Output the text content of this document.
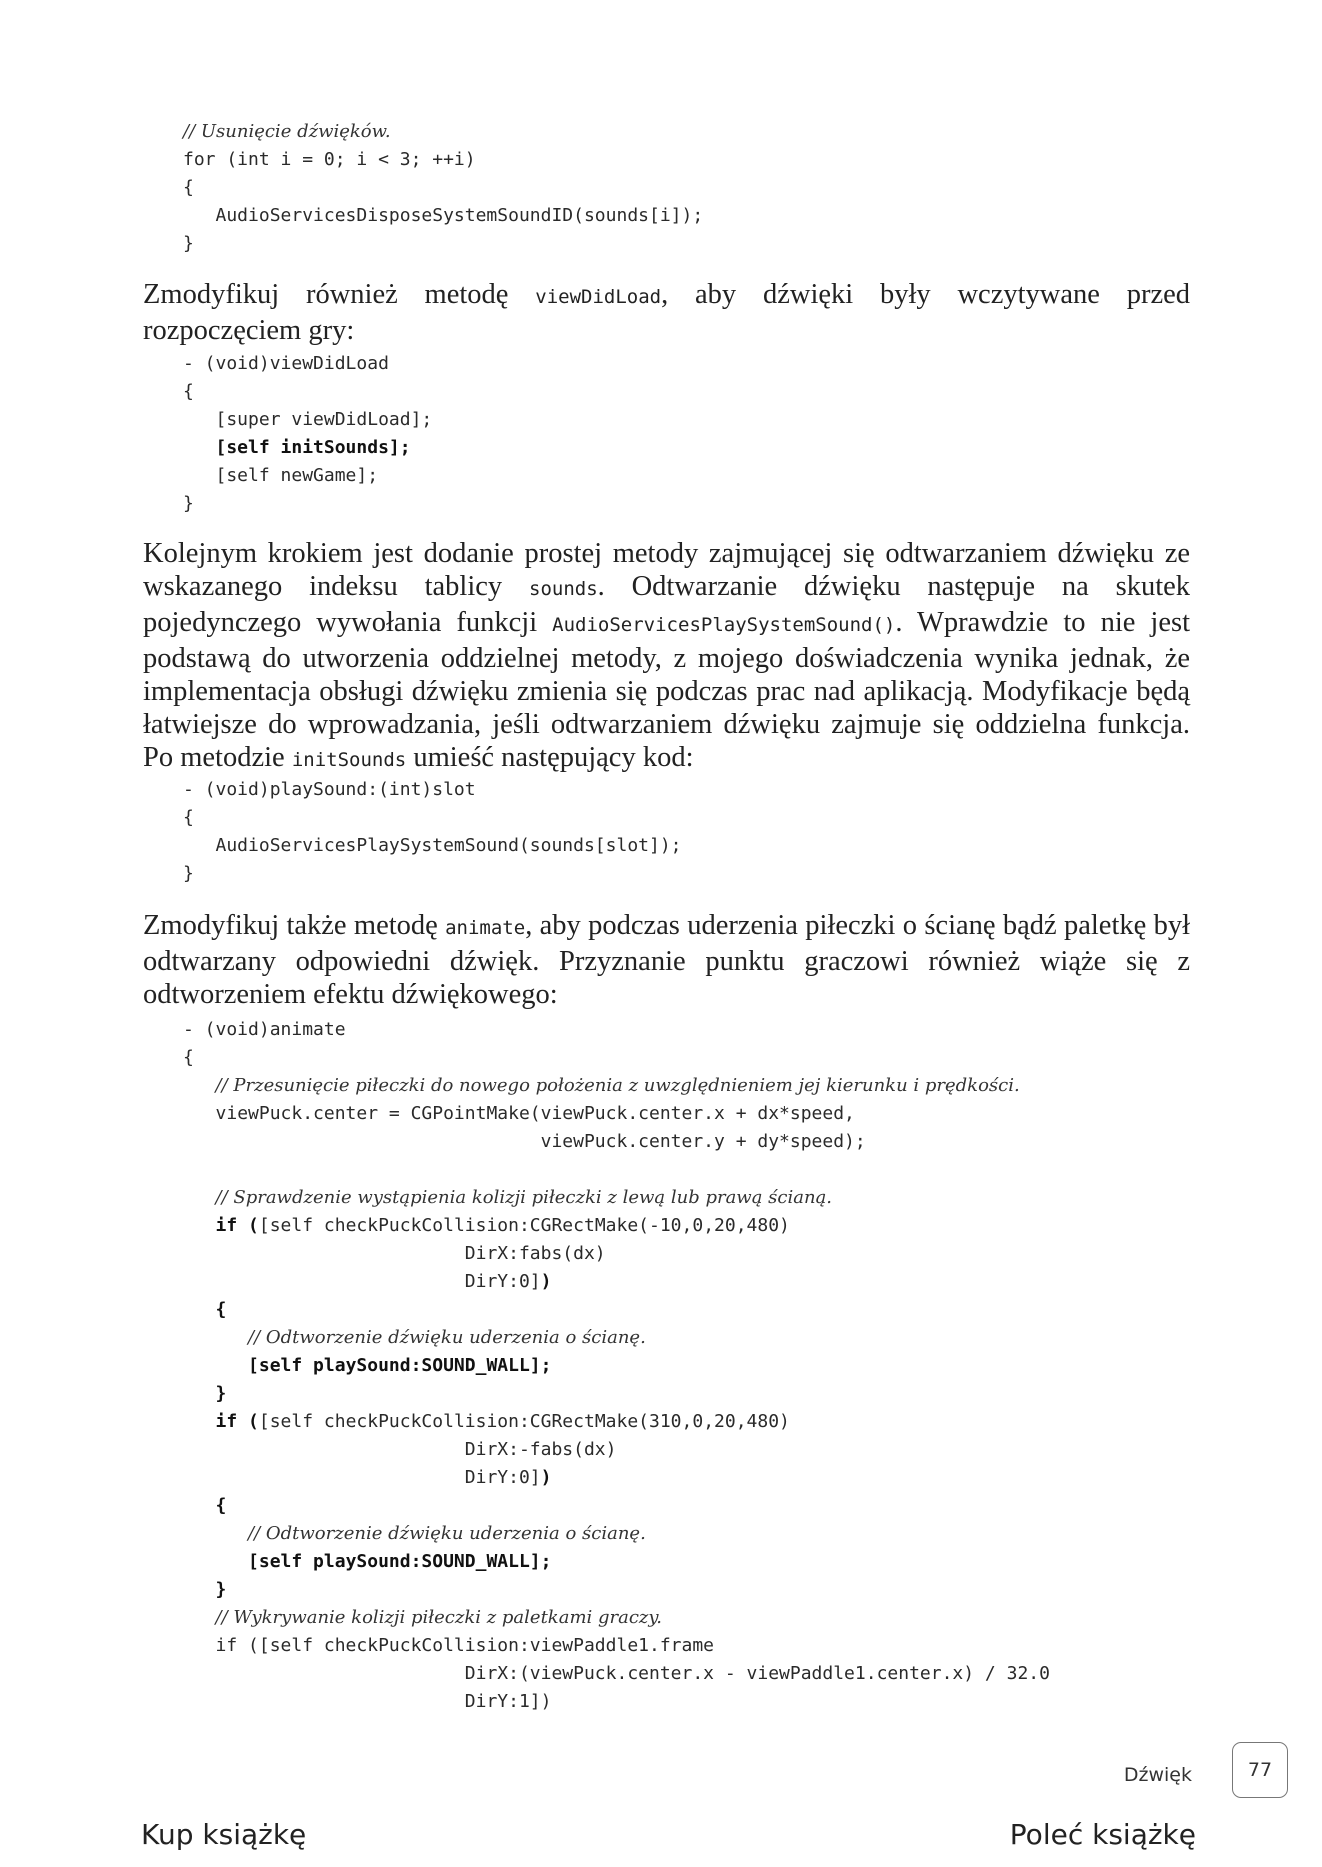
// Usunięcie dźwięków.
for (int i = 0; i < 3; ++i)
{
AudioServicesDisposeSystemSoundID(sounds[i]);
}
Zmodyfikuj również metodę viewDidLoad, aby dźwięki były wczytywane przed rozpoczęciem gry:
- (void)viewDidLoad
{
[super viewDidLoad];
[self initSounds];
[self newGame];
}
Kolejnym krokiem jest dodanie prostej metody zajmującej się odtwarzaniem dźwięku ze wskazanego indeksu tablicy sounds. Odtwarzanie dźwięku następuje na skutek pojedynczego wywołania funkcji AudioServicesPlaySystemSound(). Wprawdzie to nie jest podstawą do utworzenia oddzielnej metody, z mojego doświadczenia wynika jednak, że implementacja obsługi dźwięku zmienia się podczas prac nad aplikacją. Modyfikacje będą łatwiejsze do wprowadzania, jeśli odtwarzaniem dźwięku zajmuje się oddzielna funkcja. Po metodzie initSounds umieść następujący kod:
- (void)playSound:(int)slot
{
AudioServicesPlaySystemSound(sounds[slot]);
}
Zmodyfikuj także metodę animate, aby podczas uderzenia piłeczki o ścianę bądź paletkę był odtwarzany odpowiedni dźwięk. Przyznanie punktu graczowi również wiąże się z odtworzeniem efektu dźwiękowego:
- (void)animate
{
// Przesunięcie piłeczki do nowego położenia z uwzględnieniem jej kierunku i prędkości.
viewPuck.center = CGPointMake(viewPuck.center.x + dx*speed,
viewPuck.center.y + dy*speed);

// Sprawdzenie wystąpienia kolizji piłeczki z lewą lub prawą ścianą.
if ([self checkPuckCollision:CGRectMake(-10,0,20,480)
DirX:fabs(dx)
DirY:0])
{
// Odtworzenie dźwięku uderzenia o ścianę.
[self playSound:SOUND_WALL];
}
if ([self checkPuckCollision:CGRectMake(310,0,20,480)
DirX:-fabs(dx)
DirY:0])
{
// Odtworzenie dźwięku uderzenia o ścianę.
[self playSound:SOUND_WALL];
}
// Wykrywanie kolizji piłeczki z paletkami graczy.
if ([self checkPuckCollision:viewPaddle1.frame
DirX:(viewPuck.center.x - viewPaddle1.center.x) / 32.0
DirY:1])
Dźwięk	77
Kup książkę	Poleć książkę
